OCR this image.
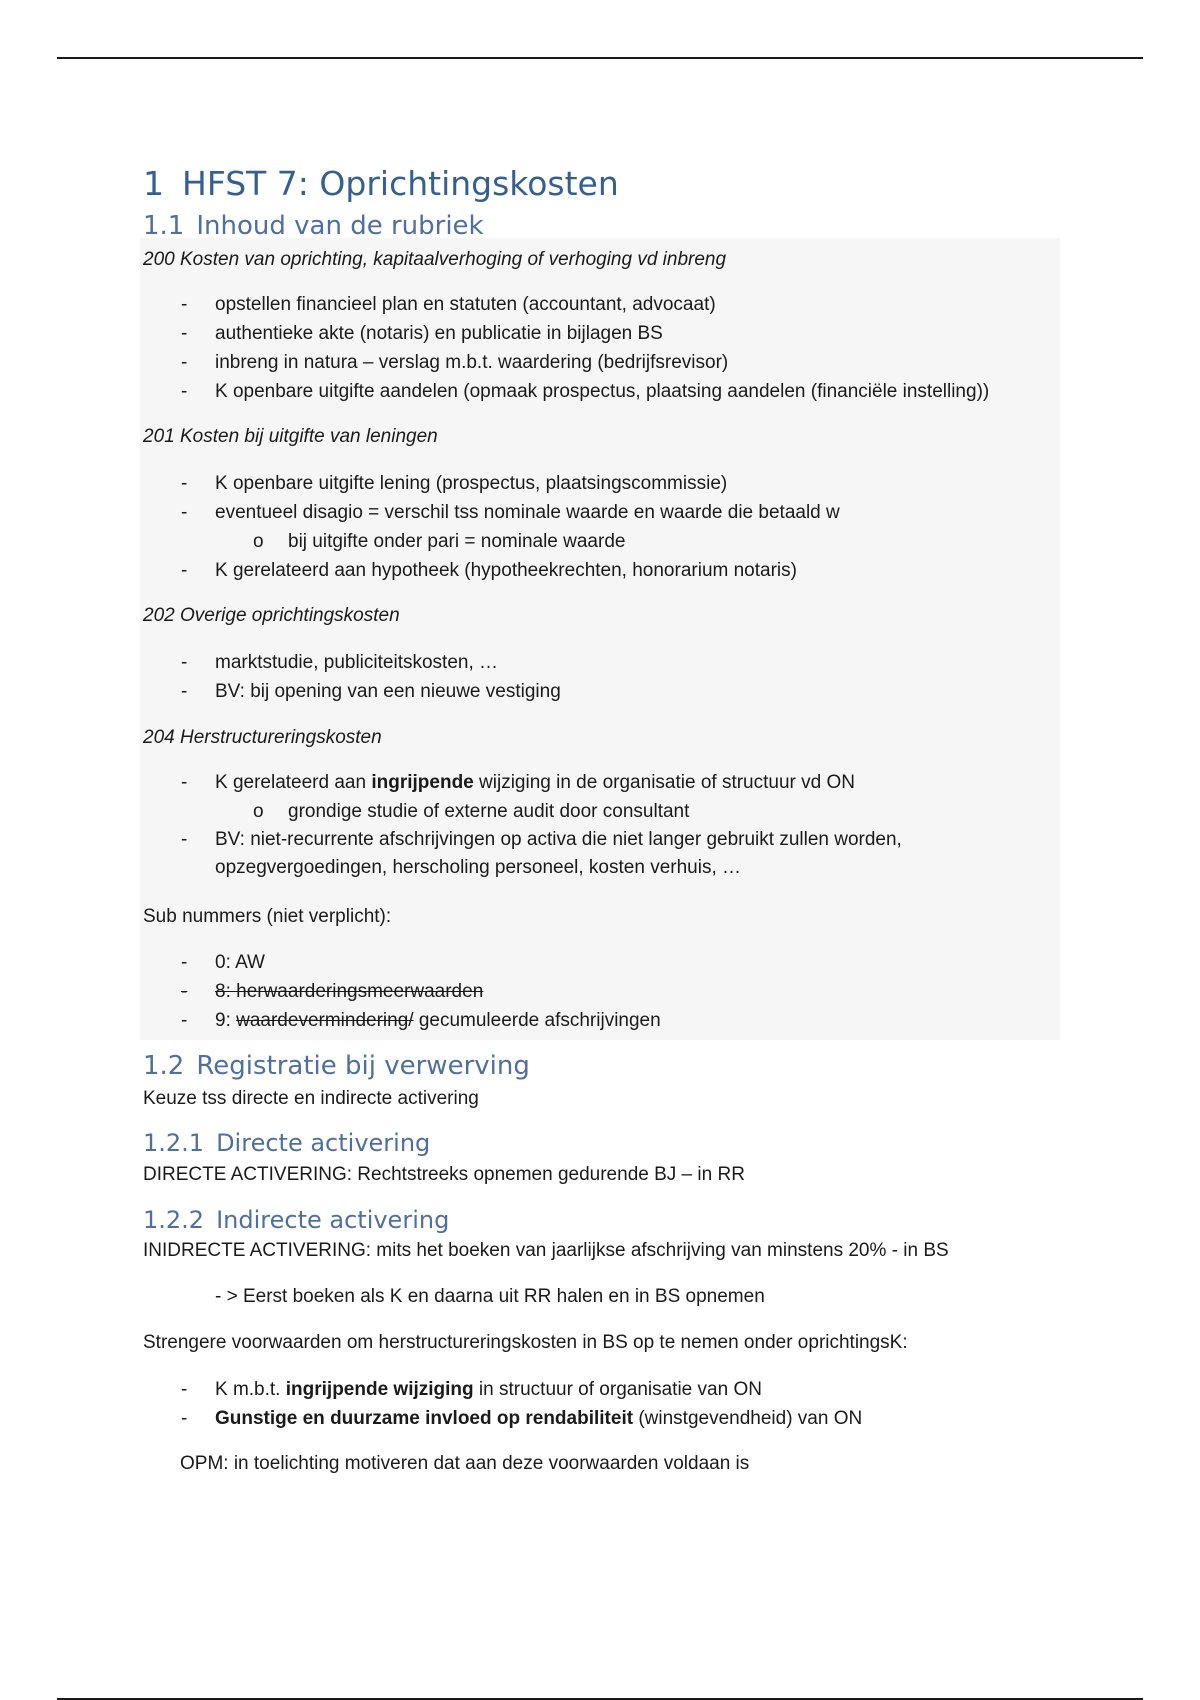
1 HFST 7: Oprichtingskosten
1.1 Inhoud van de rubriek

200 Kosten van oprichting, kapitaalverhoging of verhoging vd inbreng

- opstellen financieel plan en statuten (accountant, advocaat)
- authentieke akte (notaris) en publicatie in bijlagen BS
- inbreng in natura – verslag m.b.t. waardering (bedrijfsrevisor)
- K openbare uitgifte aandelen (opmaak prospectus, plaatsing aandelen (financiële instelling))

201 Kosten bij uitgifte van leningen

- K openbare uitgifte lening (prospectus, plaatsingscommissie)
- eventueel disagio = verschil tss nominale waarde en waarde die betaald w
o bij uitgifte onder pari = nominale waarde
- K gerelateerd aan hypotheek (hypotheekrechten, honorarium notaris)

202 Overige oprichtingskosten

- marktstudie, publiciteitskosten, …
- BV: bij opening van een nieuwe vestiging

204 Herstructureringskosten

- K gerelateerd aan ingrijpende wijziging in de organisatie of structuur vd ON
o grondige studie of externe audit door consultant
- BV: niet-recurrente afschrijvingen op activa die niet langer gebruikt zullen worden, opzegvergoedingen, herscholing personeel, kosten verhuis, …

Sub nummers (niet verplicht):

- 0: AW
- 8: herwaarderingsmeerwaarden
- 9: waardevermindering/ gecumuleerde afschrijvingen
1.2 Registratie bij verwerving

Keuze tss directe en indirecte activering

1.2.1 Directe activering

DIRECTE ACTIVERING: Rechtstreeks opnemen gedurende BJ – in RR

1.2.2 Indirecte activering

INIDRECTE ACTIVERING: mits het boeken van jaarlijkse afschrijving van minstens 20% - in BS

- > Eerst boeken als K en daarna uit RR halen en in BS opnemen

Strengere voorwaarden om herstructureringskosten in BS op te nemen onder oprichtingsK:

- K m.b.t. ingrijpende wijziging in structuur of organisatie van ON
- Gunstige en duurzame invloed op rendabiliteit (winstgevendheid) van ON

OPM: in toelichting motiveren dat aan deze voorwaarden voldaan is
